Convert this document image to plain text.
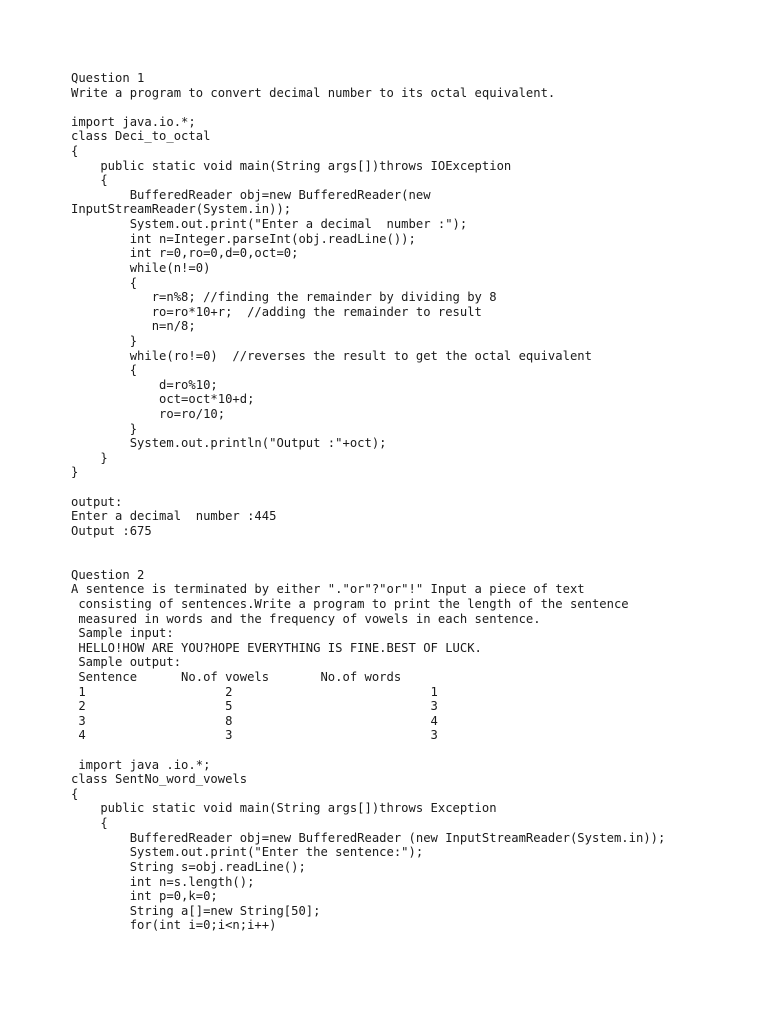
Question 1
Write a program to convert decimal number to its octal equivalent.
import java.io.*;
class Deci_to_octal
{
public static void main(String args[])throws IOException
{
BufferedReader obj=new BufferedReader(new
InputStreamReader(System.in));
System.out.print("Enter a decimal  number :");
int n=Integer.parseInt(obj.readLine());
int r=0,ro=0,d=0,oct=0;
while(n!=0)
{
r=n%8; //finding the remainder by dividing by 8
ro=ro*10+r;  //adding the remainder to result
n=n/8;
}
while(ro!=0)  //reverses the result to get the octal equivalent
{
d=ro%10;
oct=oct*10+d;
ro=ro/10;
}
System.out.println("Output :"+oct);
}
}
output:
Enter a decimal  number :445
Output :675
Question 2
A sentence is terminated by either "."or"?"or"!" Input a piece of text
consisting of sentences.Write a program to print the length of the sentence
measured in words and the frequency of vowels in each sentence.
Sample input:
HELLO!HOW ARE YOU?HOPE EVERYTHING IS FINE.BEST OF LUCK.
Sample output:
Sentence      No.of vowels       No.of words
1                   2                           1
2                   5                           3
3                   8                           4
4                   3                           3
import java .io.*;
class SentNo_word_vowels
{
public static void main(String args[])throws Exception
{
BufferedReader obj=new BufferedReader (new InputStreamReader(System.in));
System.out.print("Enter the sentence:");
String s=obj.readLine();
int n=s.length();
int p=0,k=0;
String a[]=new String[50];
for(int i=0;i<n;i++)
